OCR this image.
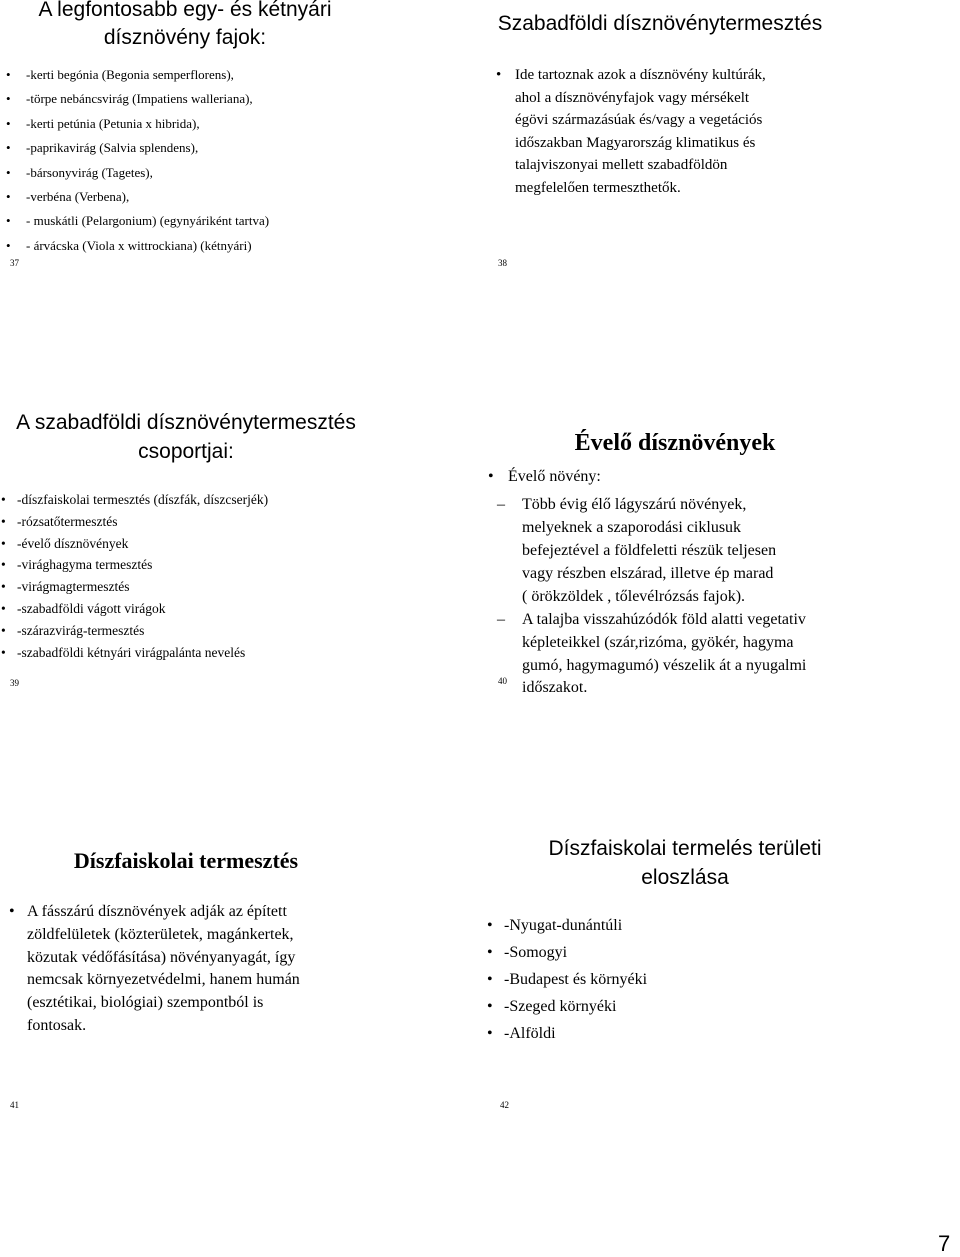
A legfontosabb egy- és kétnyári
dísznövény fajok:
• -kerti begónia (Begonia semperflorens),
• -törpe nebáncsvirág (Impatiens walleriana),
• -kerti petúnia (Petunia x hibrida),
• -paprikavirág (Salvia splendens),
• -bársonyvirág (Tagetes),
• -verbéna (Verbena),
• - muskátli (Pelargonium) (egynyáriként tartva)
• - árvácska (Viola x wittrockiana) (kétnyári)
37
Szabadföldi dísznövénytermesztés
• Ide tartoznak azok a dísznövény kultúrák,
ahol a dísznövényfajok vagy mérsékelt
égövi származásúak és/vagy a vegetációs
időszakban Magyarország klimatikus és
talajviszonyai mellett szabadföldön
megfelelően termeszthetők.
38
A szabadföldi dísznövénytermesztés
csoportjai:
• -díszfaiskolai termesztés (díszfák, díszcserjék)
• -rózsatőtermesztés
• -évelő dísznövények
• -virághagyma termesztés
• -virágmagtermesztés
• -szabadföldi vágott virágok
• -szárazvirág-termesztés
• -szabadföldi kétnyári virágpalánta nevelés
39
Évelő dísznövények
• Évelő növény:
– Több évig élő lágyszárú növények,
melyeknek a szaporodási ciklusuk
befejeztével a földfeletti részük teljesen
vagy részben elszárad, illetve ép marad
( örökzöldek , tőlevélrózsás fajok).
– A talajba visszahúzódók föld alatti vegetativ
képleteikkel (szár,rizóma, gyökér, hagyma
gumó, hagymagumó) vészelik át a nyugalmi
időszakot.
40
Díszfaiskolai termesztés
• A fásszárú dísznövények adják az épített
zöldfelületek (közterületek, magánkertek,
közutak védőfásítása) növényanyagát, így
nemcsak környezetvédelmi, hanem humán
(esztétikai, biológiai) szempontból is
fontosak.
41
Díszfaiskolai termelés területi
eloszlása
• -Nyugat-dunántúli
• -Somogyi
• -Budapest és környéki
• -Szeged környéki
• -Alföldi
42
7
